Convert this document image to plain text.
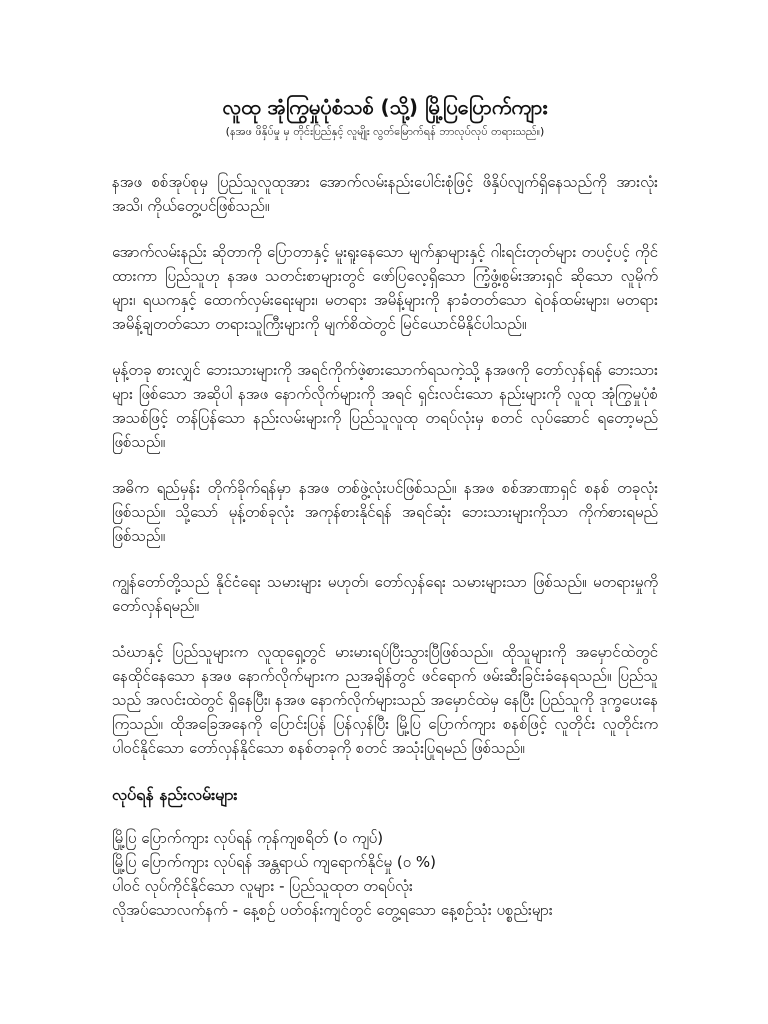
လူထု အုံကြွမှုပုံစံသစ် (သို့) မြို့ပြပြောက်ကျား
(နအဖ ဖိနှိပ်မှု မှ တိုင်းပြည်နှင့် လူမျိုး လွတ်မြောက်ရန် ဘာလုပ်လုပ် တရားသည်။)

နအဖ စစ်အုပ်စုမှ ပြည်သူလူထုအား အောက်လမ်းနည်းပေါင်းစုံဖြင့် ဖိနှိပ်လျက်ရှိနေသည်ကို အားလုံးအသိ၊ ကိုယ်တွေ့ပင်ဖြစ်သည်။

အောက်လမ်းနည်း ဆိုတာကို ပြောတာနှင့် မူးရူးနေသော မျက်နှာများနှင့် ဂါးရင်းတုတ်များ တပင့်ပင့် ကိုင်ထားကာ ပြည်သူဟု နအဖ သတင်းစာများတွင် ဖော်ပြလေ့ရှိသော ကြံ့ဖွံ့၊စွမ်းအားရှင် ဆိုသော လူမိုက်များ၊ ရယကနှင့် ထောက်လှမ်းရေးများ၊ မတရား အမိန့်များကို နာခံတတ်သော ရဲဝန်ထမ်းများ၊ မတရား အမိန့်ချတတ်သော တရားသူကြီးများကို မျက်စိထဲတွင် မြင်ယောင်မိနိုင်ပါသည်။

မုန့်တခု စားလျှင် ဘေးသားများကို အရင်ကိုက်ဖဲ့စားသောက်ရသကဲ့သို့ နအဖကို တော်လှန်ရန် ဘေးသားများ ဖြစ်သော အဆိုပါ နအဖ နောက်လိုက်များကို အရင် ရှင်းလင်းသော နည်းများကို လူထု အုံကြွမှုပုံစံအသစ်ဖြင့် တန်ပြန်သော နည်းလမ်းများကို ပြည်သူလူထု တရပ်လုံးမှ စတင် လုပ်ဆောင် ရတော့မည်ဖြစ်သည်။

အဓိက ရည်မှန်း တိုက်ခိုက်ရန်မှာ နအဖ တစ်ဖွဲ့လုံးပင်ဖြစ်သည်။ နအဖ စစ်အာဏာရှင် စနစ် တခုလုံးဖြစ်သည်။ သို့သော် မုန့်တစ်ခုလုံး အကုန်စားနိုင်ရန် အရင်ဆုံး ဘေးသားများကိုသာ ကိုက်စားရမည် ဖြစ်သည်။

ကျွန်တော်တို့သည် နိုင်ငံရေး သမားများ မဟုတ်၊ တော်လှန်ရေး သမားများသာ ဖြစ်သည်။ မတရားမှုကို တော်လှန်ရမည်။

သံဃာနှင့် ပြည်သူများက လူထုရှေ့တွင် မားမားရပ်ပြီးသွားပြီဖြစ်သည်။ ထိုသူများကို အမှောင်ထဲတွင် နေထိုင်နေသော နအဖ နောက်လိုက်များက ညအချိန်တွင် ဖင်ရောက် ဖမ်းဆီးခြင်းခံနေရသည်။ ပြည်သူသည် အလင်းထဲတွင် ရှိနေပြီး၊ နအဖ နောက်လိုက်များသည် အမှောင်ထဲမှ နေပြီး ပြည်သူကို ဒုက္ခပေးနေကြသည်။ ထိုအခြေအနေကို ပြောင်းပြန် ပြန်လှန်ပြီး မြို့ပြ ပြောက်ကျား စနစ်ဖြင့် လူတိုင်း လူတိုင်းက ပါဝင်နိုင်သော တော်လှန်နိုင်သော စနစ်တခုကို စတင် အသုံးပြုရမည် ဖြစ်သည်။

လုပ်ရန် နည်းလမ်းများ
မြို့ပြ ပြောက်ကျား လုပ်ရန် ကုန်ကျစရိတ် (၀ ကျပ်)
မြို့ပြ ပြောက်ကျား လုပ်ရန် အန္တရာယ် ကျရောက်နိုင်မှု (၀ %)
ပါဝင် လုပ်ကိုင်နိုင်သော လူများ - ပြည်သူထုတ တရပ်လုံး
လိုအပ်သောလက်နက် - နေ့စဉ် ပတ်ဝန်းကျင်တွင် တွေ့ရသော နေ့စဉ်သုံး ပစ္စည်းများ
